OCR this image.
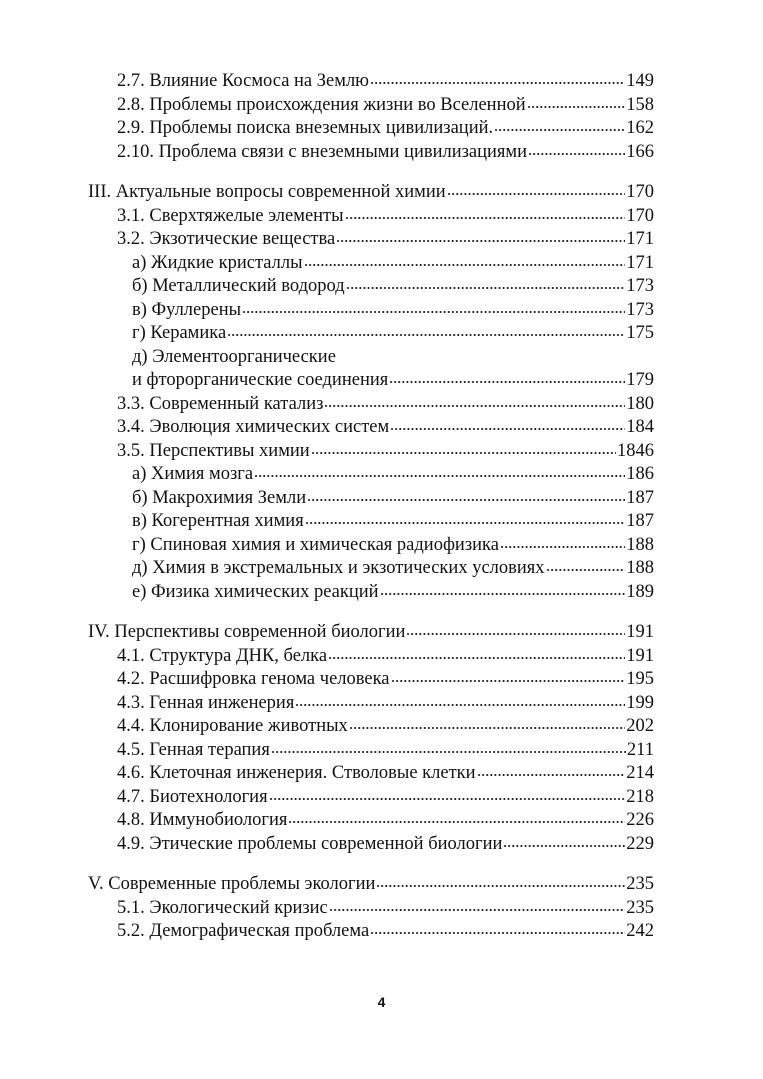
2.7. Влияние Космоса на Землю	149
2.8. Проблемы происхождения жизни во Вселенной	158
2.9. Проблемы поиска внеземных цивилизаций.	162
2.10. Проблема связи с внеземными цивилизациями	166
III. Актуальные вопросы современной химии	170
3.1. Сверхтяжелые элементы	170
3.2. Экзотические вещества	171
а) Жидкие кристаллы	171
б) Металлический водород	173
в) Фуллерены	173
г) Керамика	175
д) Элементоорганические
и фторорганические соединения	179
3.3. Современный катализ	180
3.4. Эволюция химических систем	184
3.5. Перспективы химии	1846
а) Химия мозга	186
б) Макрохимия Земли	187
в) Когерентная химия	187
г) Спиновая химия и химическая радиофизика	188
д) Химия в экстремальных и экзотических условиях	188
е) Физика химических реакций	189
IV. Перспективы современной биологии	191
4.1. Структура ДНК, белка	191
4.2. Расшифровка генома человека	195
4.3. Генная инженерия	199
4.4. Клонирование животных	202
4.5. Генная терапия	211
4.6. Клеточная инженерия. Стволовые клетки	214
4.7. Биотехнология	218
4.8. Иммунобиология	226
4.9. Этические проблемы современной биологии	229
V. Современные проблемы экологии	235
5.1. Экологический кризис	235
5.2. Демографическая проблема	242
4
